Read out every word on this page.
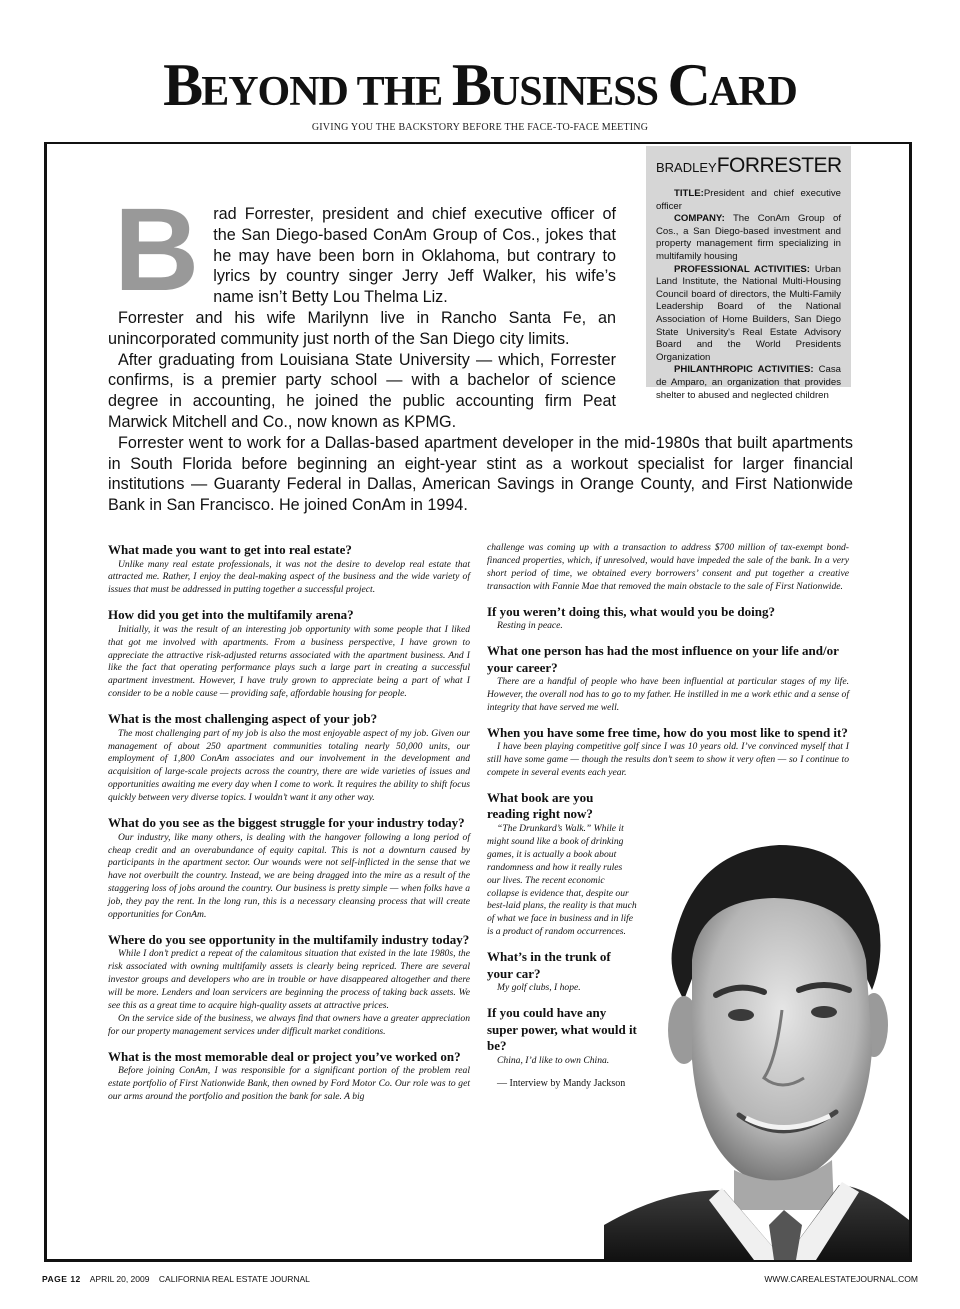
BEYOND THE BUSINESS CARD
GIVING YOU THE BACKSTORY BEFORE THE FACE-TO-FACE MEETING
BRADLEYFORRESTER

TITLE:President and chief executive officer

COMPANY: The ConAm Group of Cos., a San Diego-based investment and property management firm specializing in multifamily housing

PROFESSIONAL ACTIVITIES: Urban Land Institute, the National Multi-Housing Council board of directors, the Multi-Family Leadership Board of the National Association of Home Builders, San Diego State University's Real Estate Advisory Board and the World Presidents Organization

PHILANTHROPIC ACTIVITIES: Casa de Amparo, an organization that provides shelter to abused and neglected children

Brad Forrester, president and chief executive officer of the San Diego-based ConAm Group of Cos., jokes that he may have been born in Oklahoma, but contrary to lyrics by country singer Jerry Jeff Walker, his wife’s name isn’t Betty Lou Thelma Liz.

Forrester and his wife Marilynn live in Rancho Santa Fe, an unincorporated community just north of the San Diego city limits.

After graduating from Louisiana State University — which, Forrester confirms, is a premier party school — with a bachelor of science degree in accounting, he joined the public accounting firm Peat Marwick Mitchell and Co., now known as KPMG.

Forrester went to work for a Dallas-based apartment developer in the mid-1980s that built apartments in South Florida before beginning an eight-year stint as a workout specialist for larger financial institutions — Guaranty Federal in Dallas, American Savings in Orange County, and First Nationwide Bank in San Francisco. He joined ConAm in 1994.

What made you want to get into real estate?

Unlike many real estate professionals, it was not the desire to develop real estate that attracted me. Rather, I enjoy the deal-making aspect of the business and the wide variety of issues that must be addressed in putting together a successful project.

How did you get into the multifamily arena?

Initially, it was the result of an interesting job opportunity with some people that I liked that got me involved with apartments. From a business perspective, I have grown to appreciate the attractive risk-adjusted returns associated with the apartment business. And I like the fact that operating performance plays such a large part in creating a successful apartment investment. However, I have truly grown to appreciate being a part of what I consider to be a noble cause — providing safe, affordable housing for people.

What is the most challenging aspect of your job?

The most challenging part of my job is also the most enjoyable aspect of my job. Given our management of about 250 apartment communities totaling nearly 50,000 units, our employment of 1,800 ConAm associates and our involvement in the development and acquisition of large-scale projects across the country, there are wide varieties of issues and opportunities awaiting me every day when I come to work. It requires the ability to shift focus quickly between very diverse topics. I wouldn’t want it any other way.

What do you see as the biggest struggle for your industry today?

Our industry, like many others, is dealing with the hangover following a long period of cheap credit and an overabundance of equity capital. This is not a downturn caused by participants in the apartment sector. Our wounds were not self-inflicted in the sense that we have not overbuilt the country. Instead, we are being dragged into the mire as a result of the staggering loss of jobs around the country. Our business is pretty simple — when folks have a job, they pay the rent. In the long run, this is a necessary cleansing process that will create opportunities for ConAm.

Where do you see opportunity in the multifamily industry today?

While I don’t predict a repeat of the calamitous situation that existed in the late 1980s, the risk associated with owning multifamily assets is clearly being repriced. There are several investor groups and developers who are in trouble or have disappeared altogether and there will be more. Lenders and loan servicers are beginning the process of taking back assets. We see this as a great time to acquire high-quality assets at attractive prices.

On the service side of the business, we always find that owners have a greater appreciation for our property management services under difficult market conditions.

What is the most memorable deal or project you’ve worked on?

Before joining ConAm, I was responsible for a significant portion of the problem real estate portfolio of First Nationwide Bank, then owned by Ford Motor Co. Our role was to get our arms around the portfolio and position the bank for sale. A big

challenge was coming up with a transaction to address $700 million of tax-exempt bond-financed properties, which, if unresolved, would have impeded the sale of the bank. In a very short period of time, we obtained every borrowers’ consent and put together a creative transaction with Fannie Mae that removed the main obstacle to the sale of First Nationwide.

If you weren’t doing this, what would you be doing?

Resting in peace.

What one person has had the most influence on your life and/or your career?

There are a handful of people who have been influential at particular stages of my life. However, the overall nod has to go to my father. He instilled in me a work ethic and a sense of integrity that have served me well.

When you have some free time, how do you most like to spend it?

I have been playing competitive golf since I was 10 years old. I’ve convinced myself that I still have some game — though the results don’t seem to show it very often — so I continue to compete in several events each year.

What book are you reading right now?

“The Drunkard’s Walk.” While it might sound like a book of drinking games, it is actually a book about randomness and how it really rules our lives. The recent economic collapse is evidence that, despite our best-laid plans, the reality is that much of what we face in business and in life is a product of random occurrences.

What’s in the trunk of your car?

My golf clubs, I hope.

If you could have any super power, what would it be?

China, I’d like to own China.

— Interview by Mandy Jackson

PAGE 12 APRIL 20, 2009 CALIFORNIA REAL ESTATE JOURNAL	WWW.CAREALESTATEJOURNAL.COM
